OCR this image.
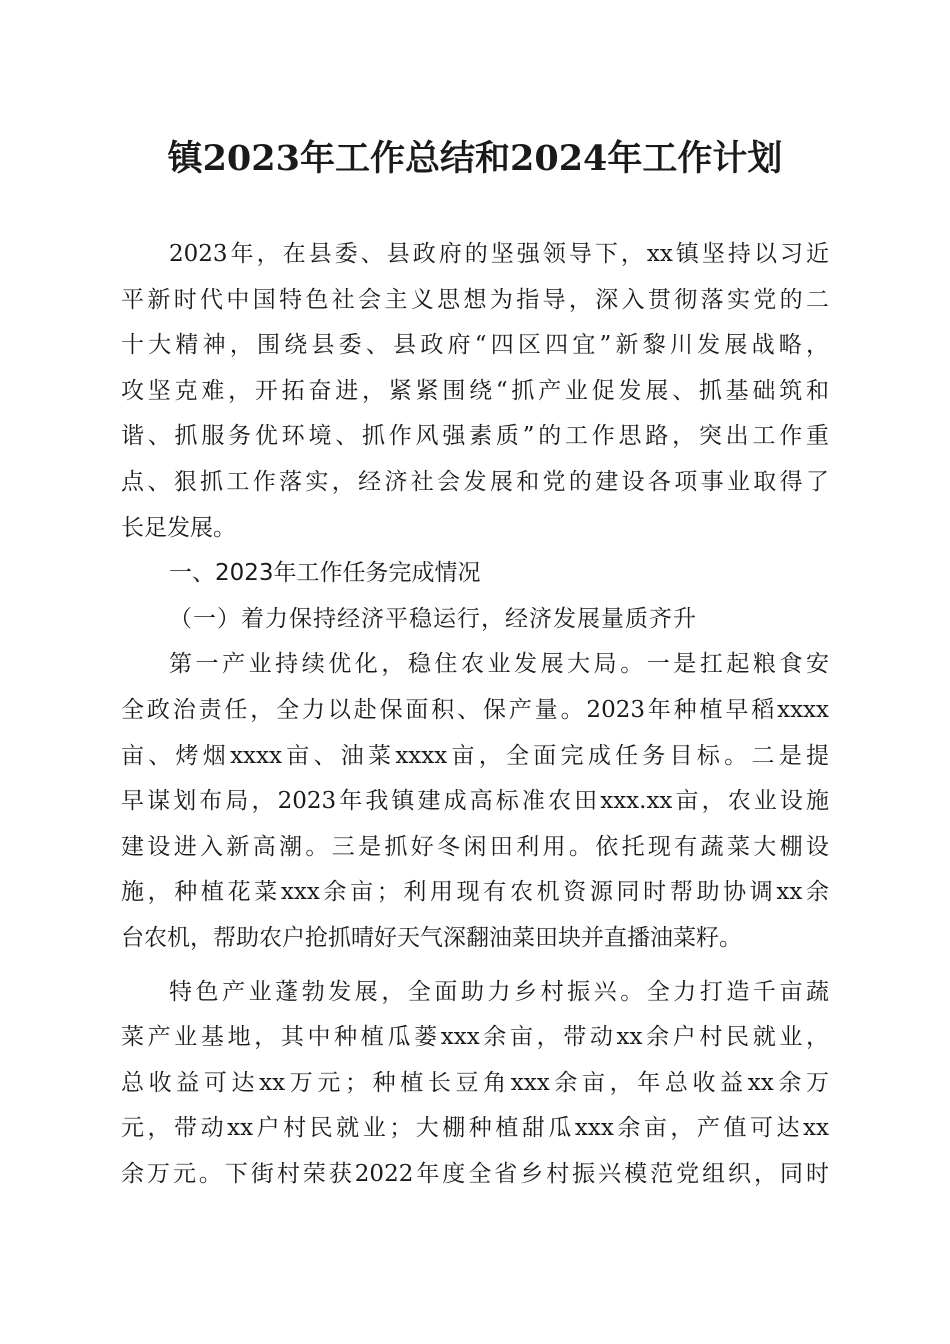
镇2023年工作总结和2024年工作计划
2023年，在县委、县政府的坚强领导下，xx镇坚持以习近
平新时代中国特色社会主义思想为指导，深入贯彻落实党的二
十大精神，围绕县委、县政府“四区四宜”新黎川发展战略，
攻坚克难，开拓奋进，紧紧围绕“抓产业促发展、抓基础筑和
谐、抓服务优环境、抓作风强素质”的工作思路，突出工作重
点、狠抓工作落实，经济社会发展和党的建设各项事业取得了
长足发展。
一、2023年工作任务完成情况
（一）着力保持经济平稳运行，经济发展量质齐升
第一产业持续优化，稳住农业发展大局。一是扛起粮食安
全政治责任，全力以赴保面积、保产量。2023年种植早稻xxxx
亩、烤烟xxxx亩、油菜xxxx亩，全面完成任务目标。二是提
早谋划布局，2023年我镇建成高标准农田xxx.xx亩，农业设施
建设进入新高潮。三是抓好冬闲田利用。依托现有蔬菜大棚设
施，种植花菜xxx余亩；利用现有农机资源同时帮助协调xx余
台农机，帮助农户抢抓晴好天气深翻油菜田块并直播油菜籽。
特色产业蓬勃发展，全面助力乡村振兴。全力打造千亩蔬
菜产业基地，其中种植瓜蒌xxx余亩，带动xx余户村民就业，
总收益可达xx万元；种植长豆角xxx余亩，年总收益xx余万
元，带动xx户村民就业；大棚种植甜瓜xxx余亩，产值可达xx
余万元。下街村荣获2022年度全省乡村振兴模范党组织，同时
